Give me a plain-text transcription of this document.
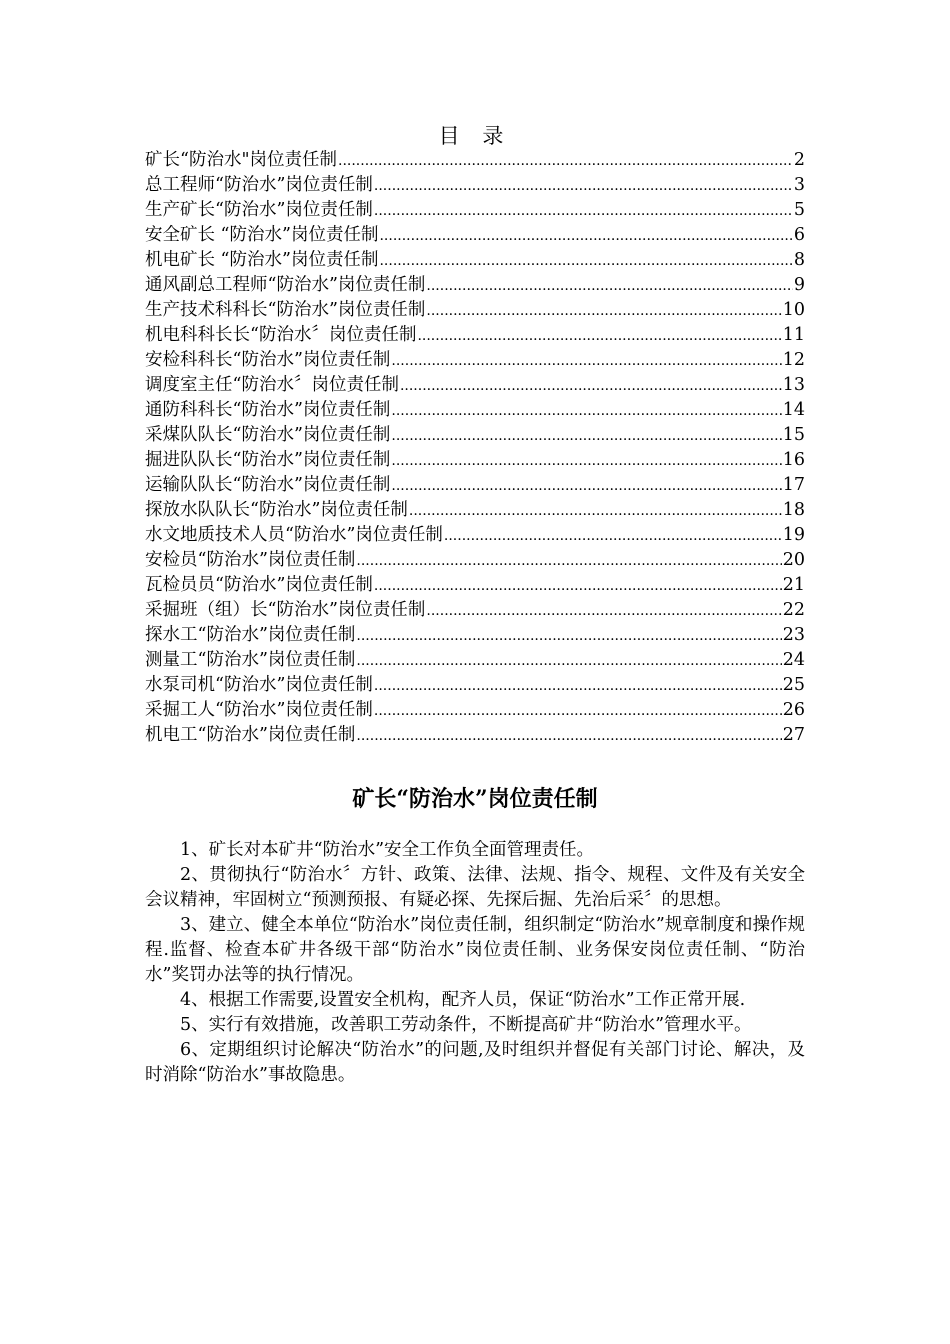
目 录
矿长“防治水"岗位责任制 .....	2
总工程师“防治水”岗位责任制 .....	3
生产矿长“防治水”岗位责任制 .....	5
安全矿长 “防治水”岗位责任制 .....	6
机电矿长 “防治水”岗位责任制 .....	8
通风副总工程师“防治水”岗位责任制 .....	9
生产技术科科长“防治水”岗位责任制 .....	10
机电科科长长“防治水〞岗位责任制 .....	11
安检科科长“防治水”岗位责任制 .....	12
调度室主任“防治水〞岗位责任制 .....	13
通防科科长“防治水”岗位责任制 .....	14
采煤队队长“防治水”岗位责任制 .....	15
掘进队队长“防治水”岗位责任制 .....	16
运输队队长“防治水”岗位责任制 .....	17
探放水队队长“防治水”岗位责任制 .....	18
水文地质技术人员“防治水”岗位责任制 .....	19
安检员“防治水”岗位责任制 .....	20
瓦检员员“防治水”岗位责任制 .....	21
采掘班（组）长“防治水”岗位责任制 .....	22
探水工“防治水”岗位责任制 .....	23
测量工“防治水”岗位责任制 .....	24
水泵司机“防治水”岗位责任制 .....	25
采掘工人“防治水”岗位责任制 .....	26
机电工“防治水”岗位责任制 .....	27
矿长“防治水”岗位责任制

1、矿长对本矿井“防治水”安全工作负全面管理责任。

2、贯彻执行“防治水〞方针、政策、法律、法规、指令、规程、文件及有关安全会议精神，牢固树立“预测预报、有疑必探、先探后掘、先治后采〞的思想。

3、建立、健全本单位“防治水”岗位责任制，组织制定“防治水”规章制度和操作规程.监督、检查本矿井各级干部“防治水”岗位责任制、业务保安岗位责任制、“防治水”奖罚办法等的执行情况。

4、根据工作需要,设置安全机构，配齐人员，保证“防治水”工作正常开展.

5、实行有效措施，改善职工劳动条件，不断提高矿井“防治水”管理水平。

6、定期组织讨论解决“防治水”的问题,及时组织并督促有关部门讨论、解决，及时消除“防治水”事故隐患。
